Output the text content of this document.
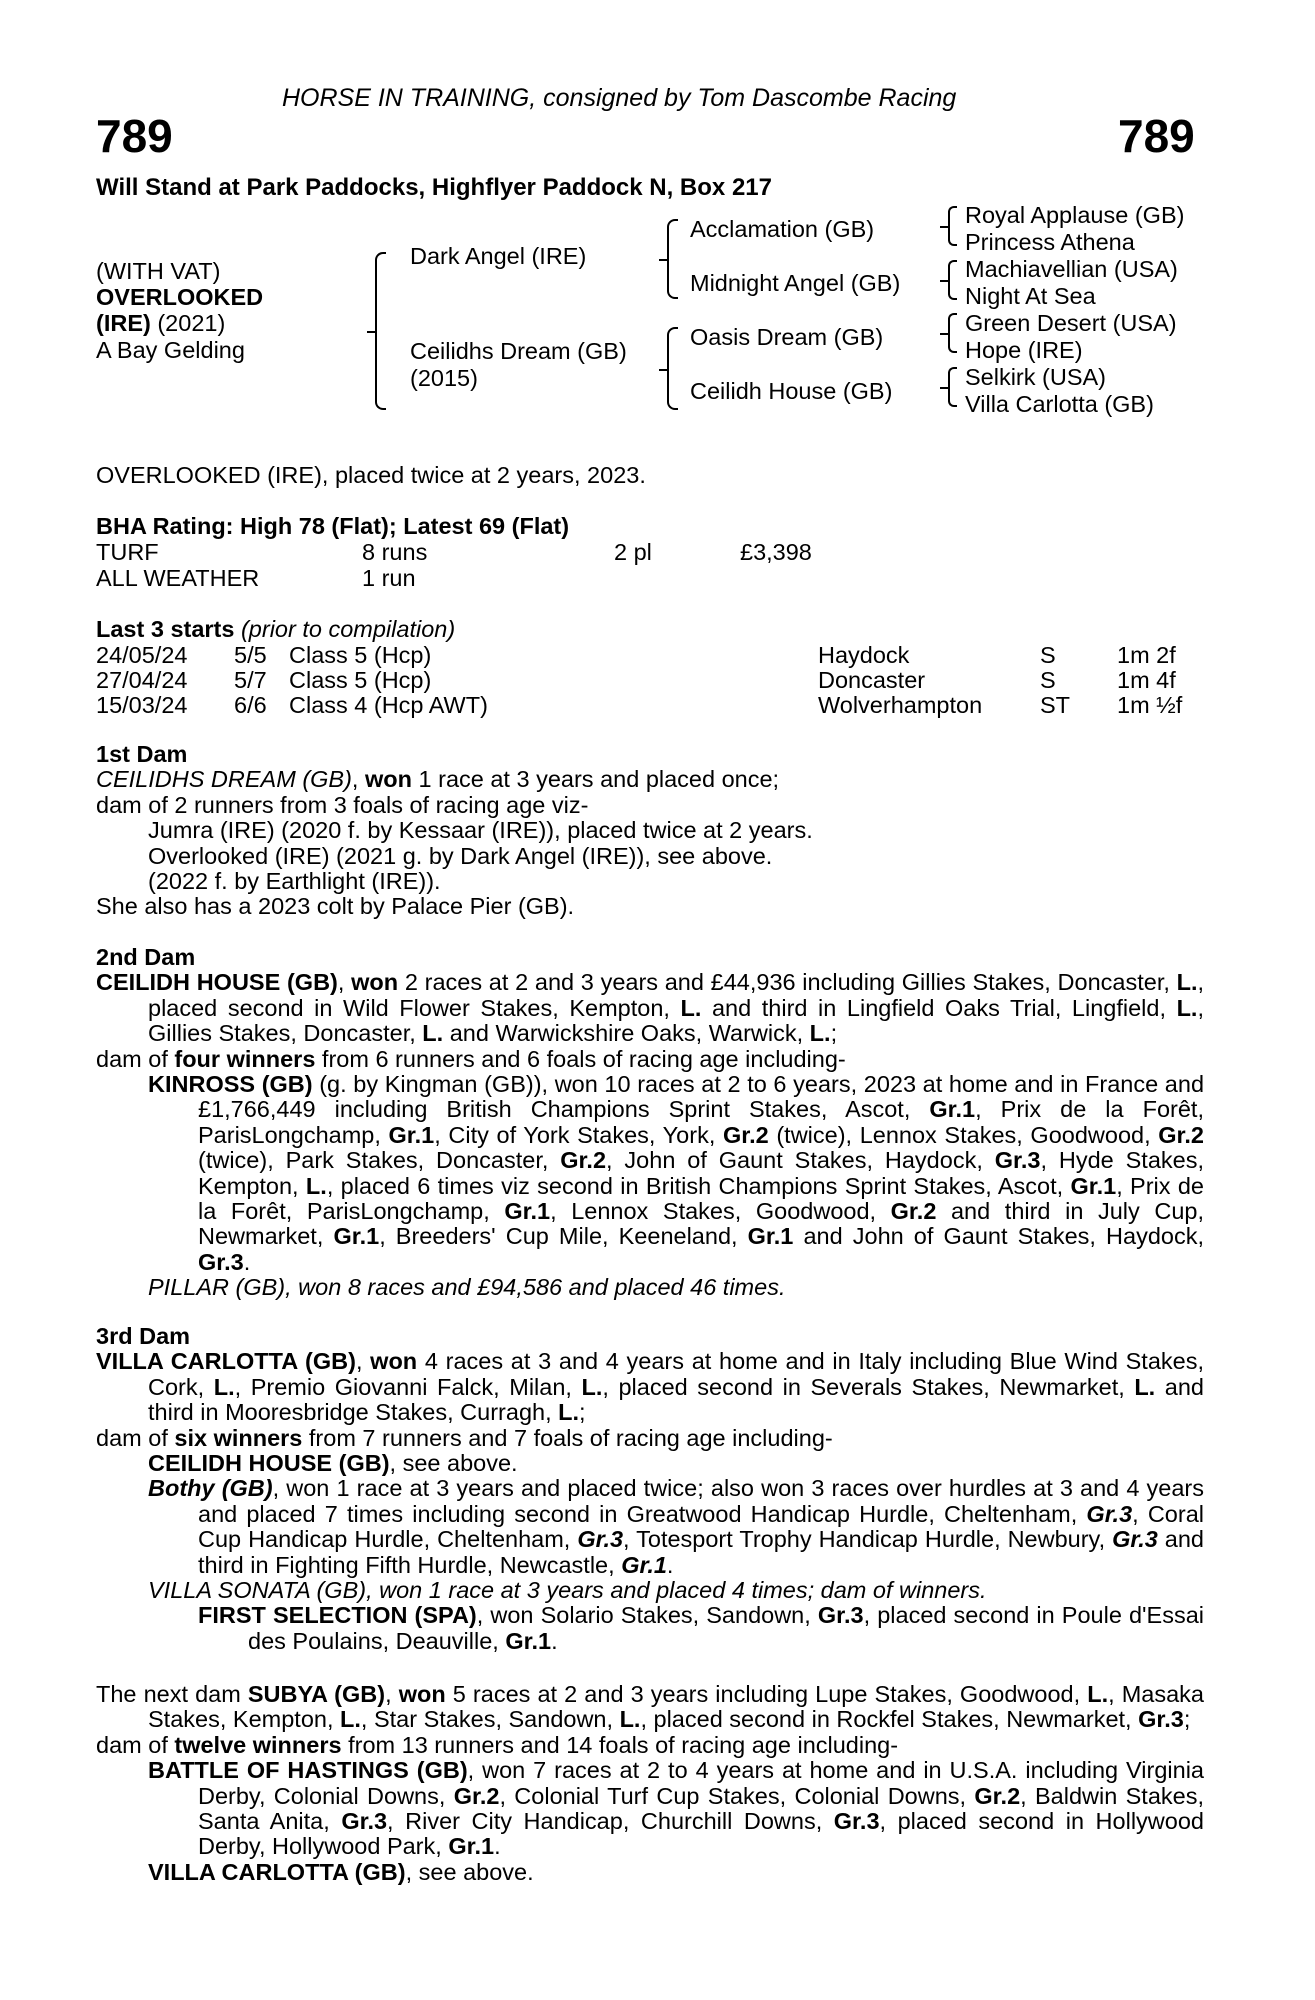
HORSE IN TRAINING, consigned by Tom Dascombe Racing
789	789
Will Stand at Park Paddocks, Highflyer Paddock N, Box 217
(WITH VAT)
OVERLOOKED
(IRE) (2021)
A Bay Gelding
Dark Angel (IRE)
Ceilidhs Dream (GB)
(2015)
Acclamation (GB)
Midnight Angel (GB)
Oasis Dream (GB)
Ceilidh House (GB)
Royal Applause (GB)
Princess Athena
Machiavellian (USA)
Night At Sea
Green Desert (USA)
Hope (IRE)
Selkirk (USA)
Villa Carlotta (GB)
OVERLOOKED (IRE), placed twice at 2 years, 2023.
BHA Rating: High 78 (Flat); Latest 69 (Flat)
TURF	8 runs	2 pl	£3,398
ALL WEATHER	1 run
Last 3 starts (prior to compilation)
24/05/24 5/5 Class 5 (Hcp)	Haydock	S	1m 2f
27/04/24 5/7 Class 5 (Hcp)	Doncaster	S	1m 4f
15/03/24 6/6 Class 4 (Hcp AWT)	Wolverhampton ST 1m ½f

1st Dam

CEILIDHS DREAM (GB), won 1 race at 3 years and placed once;

dam of 2 runners from 3 foals of racing age viz-

Jumra (IRE) (2020 f. by Kessaar (IRE)), placed twice at 2 years.

Overlooked (IRE) (2021 g. by Dark Angel (IRE)), see above.

(2022 f. by Earthlight (IRE)).

She also has a 2023 colt by Palace Pier (GB).

2nd Dam

CEILIDH HOUSE (GB), won 2 races at 2 and 3 years and £44,936 including Gillies Stakes, Doncaster, L., placed second in Wild Flower Stakes, Kempton, L. and third in Lingfield Oaks Trial, Lingfield, L., Gillies Stakes, Doncaster, L. and Warwickshire Oaks, Warwick, L.;

dam of four winners from 6 runners and 6 foals of racing age including-

KINROSS (GB) (g. by Kingman (GB)), won 10 races at 2 to 6 years, 2023 at home and in France and £1,766,449 including British Champions Sprint Stakes, Ascot, Gr.1, Prix de la Forêt, ParisLongchamp, Gr.1, City of York Stakes, York, Gr.2 (twice), Lennox Stakes, Goodwood, Gr.2 (twice), Park Stakes, Doncaster, Gr.2, John of Gaunt Stakes, Haydock, Gr.3, Hyde Stakes, Kempton, L., placed 6 times viz second in British Champions Sprint Stakes, Ascot, Gr.1, Prix de la Forêt, ParisLongchamp, Gr.1, Lennox Stakes, Goodwood, Gr.2 and third in July Cup, Newmarket, Gr.1, Breeders' Cup Mile, Keeneland, Gr.1 and John of Gaunt Stakes, Haydock, Gr.3.

PILLAR (GB), won 8 races and £94,586 and placed 46 times.

3rd Dam

VILLA CARLOTTA (GB), won 4 races at 3 and 4 years at home and in Italy including Blue Wind Stakes, Cork, L., Premio Giovanni Falck, Milan, L., placed second in Severals Stakes, Newmarket, L. and third in Mooresbridge Stakes, Curragh, L.;

dam of six winners from 7 runners and 7 foals of racing age including-

CEILIDH HOUSE (GB), see above.

Bothy (GB), won 1 race at 3 years and placed twice; also won 3 races over hurdles at 3 and 4 years and placed 7 times including second in Greatwood Handicap Hurdle, Cheltenham, Gr.3, Coral Cup Handicap Hurdle, Cheltenham, Gr.3, Totesport Trophy Handicap Hurdle, Newbury, Gr.3 and third in Fighting Fifth Hurdle, Newcastle, Gr.1.

VILLA SONATA (GB), won 1 race at 3 years and placed 4 times; dam of winners.

FIRST SELECTION (SPA), won Solario Stakes, Sandown, Gr.3, placed second in Poule d'Essai des Poulains, Deauville, Gr.1.

The next dam SUBYA (GB), won 5 races at 2 and 3 years including Lupe Stakes, Goodwood, L., Masaka Stakes, Kempton, L., Star Stakes, Sandown, L., placed second in Rockfel Stakes, Newmarket, Gr.3;

dam of twelve winners from 13 runners and 14 foals of racing age including-

BATTLE OF HASTINGS (GB), won 7 races at 2 to 4 years at home and in U.S.A. including Virginia Derby, Colonial Downs, Gr.2, Colonial Turf Cup Stakes, Colonial Downs, Gr.2, Baldwin Stakes, Santa Anita, Gr.3, River City Handicap, Churchill Downs, Gr.3, placed second in Hollywood Derby, Hollywood Park, Gr.1.

VILLA CARLOTTA (GB), see above.
